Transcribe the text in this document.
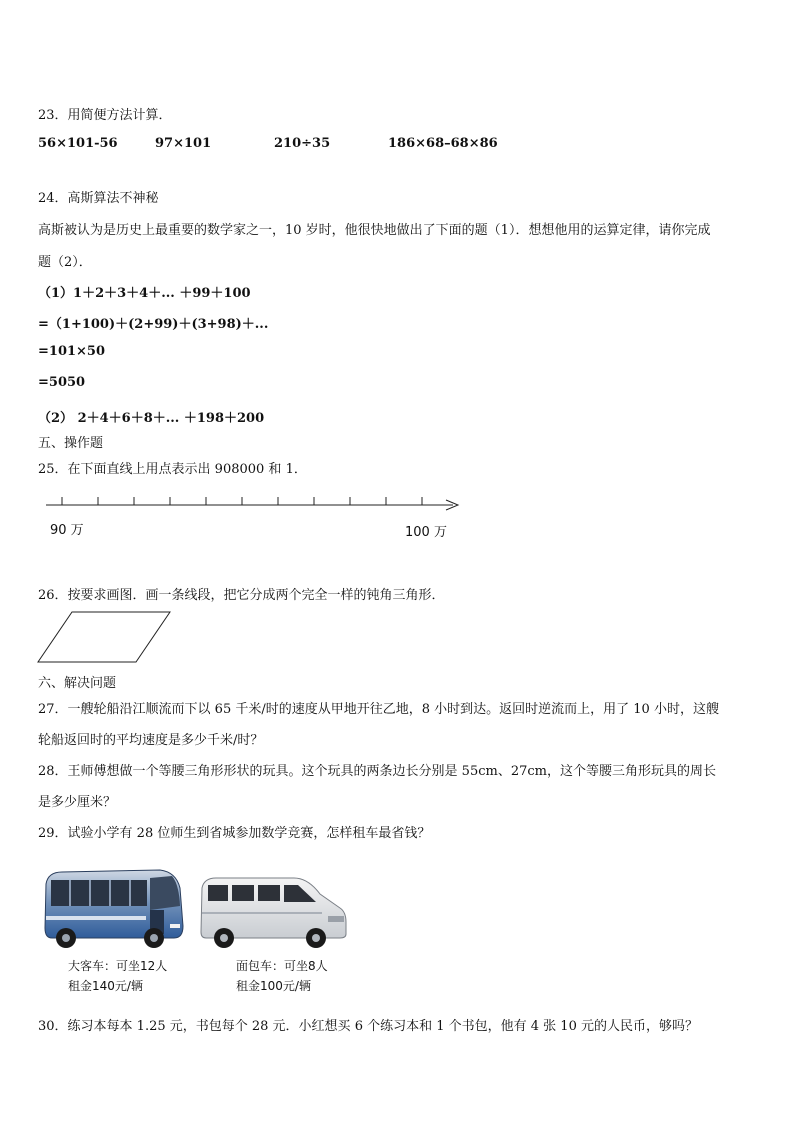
23．用简便方法计算．
56×101-56	97×101	210÷35	186×68–68×86
24．高斯算法不神秘
高斯被认为是历史上最重要的数学家之一，10 岁时，他很快地做出了下面的题（1）．想想他用的运算定律，请你完成
题（2）．
（1）1＋2＋3＋4＋... ＋99＋100
=（1+100)＋(2+99)＋(3+98)＋...
=101×50
=5050
（2） 2＋4＋6＋8＋... ＋198＋200
五、操作题
25．在下面直线上用点表示出 908000 和 1．
90 万	100 万
26．按要求画图．画一条线段，把它分成两个完全一样的钝角三角形．
六、解决问题
27．一艘轮船沿江顺流而下以 65 千米/时的速度从甲地开往乙地，8 小时到达。返回时逆流而上，用了 10 小时，这艘
轮船返回时的平均速度是多少千米/时？
28．王师傅想做一个等腰三角形形状的玩具。这个玩具的两条边长分别是 55cm、27cm，这个等腰三角形玩具的周长
是多少厘米？
29．试验小学有 28 位师生到省城参加数学竞赛，怎样租车最省钱？
大客车：可坐12人
租金140元/辆
面包车：可坐8人
租金100元/辆
30．练习本每本 1.25 元，书包每个 28 元．小红想买 6 个练习本和 1 个书包，他有 4 张 10 元的人民币，够吗？
